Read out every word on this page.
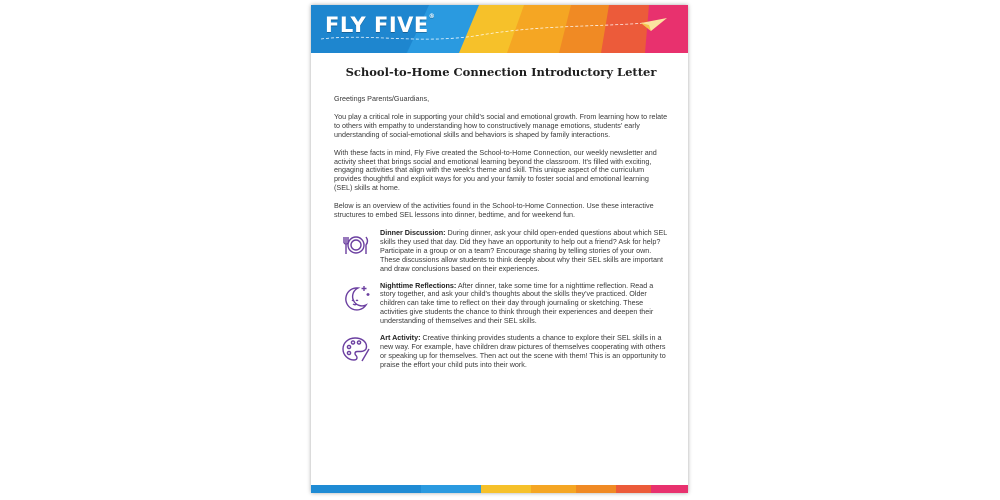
FLY FIVE®
School-to-Home Connection Introductory Letter

Greetings Parents/Guardians,

You play a critical role in supporting your child's social and emotional growth. From learning how to relate to others with empathy to understanding how to constructively manage emotions, students' early understanding of social-emotional skills and behaviors is shaped by family interactions.

With these facts in mind, Fly Five created the School-to-Home Connection, our weekly newsletter and activity sheet that brings social and emotional learning beyond the classroom. It's filled with exciting, engaging activities that align with the week's theme and skill. This unique aspect of the curriculum provides thoughtful and explicit ways for you and your family to foster social and emotional learning (SEL) skills at home.

Below is an overview of the activities found in the School-to-Home Connection. Use these interactive structures to embed SEL lessons into dinner, bedtime, and for weekend fun.

Dinner Discussion: During dinner, ask your child open-ended questions about which SEL skills they used that day. Did they have an opportunity to help out a friend? Ask for help? Participate in a group or on a team? Encourage sharing by telling stories of your own. These discussions allow students to think deeply about why their SEL skills are important and draw conclusions based on their experiences.
Nighttime Reflections: After dinner, take some time for a nighttime reflection. Read a story together, and ask your child's thoughts about the skills they've practiced. Older children can take time to reflect on their day through journaling or sketching. These activities give students the chance to think through their experiences and deepen their understanding of themselves and their SEL skills.
Art Activity: Creative thinking provides students a chance to explore their SEL skills in a new way. For example, have children draw pictures of themselves cooperating with others or speaking up for themselves. Then act out the scene with them! This is an opportunity to praise the effort your child puts into their work.
